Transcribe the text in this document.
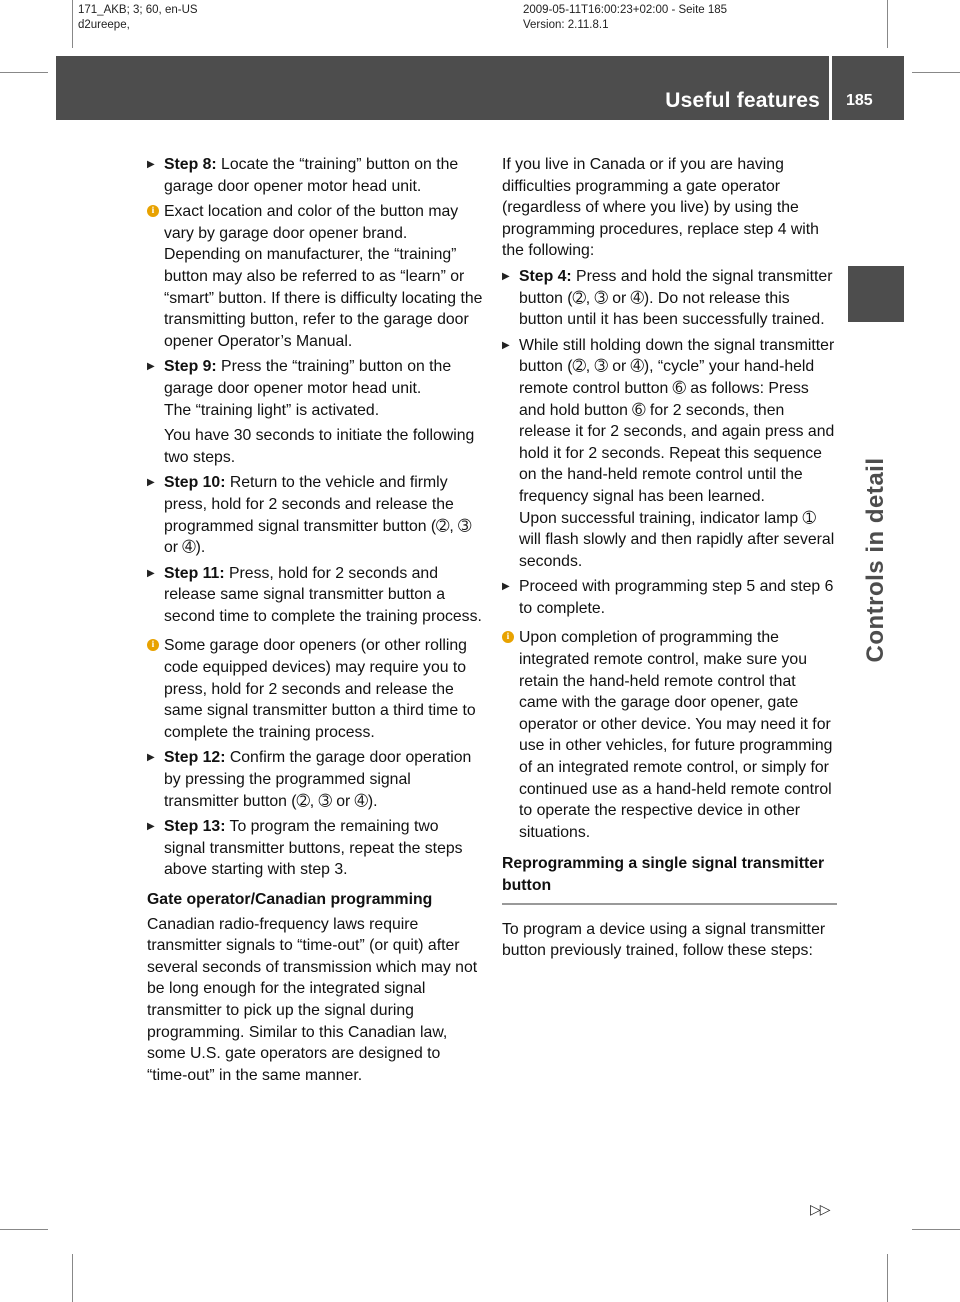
171_AKB; 3; 60, en-US
d2ureepe,
2009-05-11T16:00:23+02:00 - Seite 185
Version: 2.11.8.1
Useful features 185
Controls in detail
▶ Step 8: Locate the “training” button on the garage door opener motor head unit.
i Exact location and color of the button may vary by garage door opener brand. Depending on manufacturer, the “training” button may also be referred to as “learn” or “smart” button. If there is difficulty locating the transmitting button, refer to the garage door opener Operator’s Manual.
▶ Step 9: Press the “training” button on the garage door opener motor head unit.
The “training light” is activated.
You have 30 seconds to initiate the following two steps.
▶ Step 10: Return to the vehicle and firmly press, hold for 2 seconds and release the programmed signal transmitter button (➁, ➂ or ➃).
▶ Step 11: Press, hold for 2 seconds and release same signal transmitter button a second time to complete the training process.
i Some garage door openers (or other rolling code equipped devices) may require you to press, hold for 2 seconds and release the same signal transmitter button a third time to complete the training process.
▶ Step 12: Confirm the garage door operation by pressing the programmed signal transmitter button (➁, ➂ or ➃).
▶ Step 13: To program the remaining two signal transmitter buttons, repeat the steps above starting with step 3.
Gate operator/Canadian programming
Canadian radio-frequency laws require transmitter signals to “time-out” (or quit) after several seconds of transmission which may not be long enough for the integrated signal transmitter to pick up the signal during programming. Similar to this Canadian law, some U.S. gate operators are designed to “time-out” in the same manner.
If you live in Canada or if you are having difficulties programming a gate operator (regardless of where you live) by using the programming procedures, replace step 4 with the following:
▶ Step 4: Press and hold the signal transmitter button (➁, ➂ or ➃). Do not release this button until it has been successfully trained.
▶ While still holding down the signal transmitter button (➁, ➂ or ➃), “cycle” your hand-held remote control button ➅ as follows: Press and hold button ➅ for 2 seconds, then release it for 2 seconds, and again press and hold it for 2 seconds. Repeat this sequence on the hand-held remote control until the frequency signal has been learned.
Upon successful training, indicator lamp ➀ will flash slowly and then rapidly after several seconds.
▶ Proceed with programming step 5 and step 6 to complete.
i Upon completion of programming the integrated remote control, make sure you retain the hand-held remote control that came with the garage door opener, gate operator or other device. You may need it for use in other vehicles, for future programming of an integrated remote control, or simply for continued use as a hand-held remote control to operate the respective device in other situations.
Reprogramming a single signal transmitter button
To program a device using a signal transmitter button previously trained, follow these steps:
▷▷
